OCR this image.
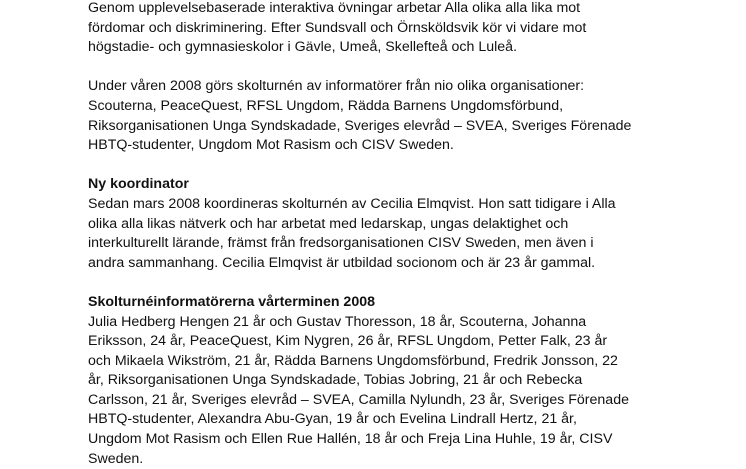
Genom upplevelsebaserade interaktiva övningar arbetar Alla olika alla lika mot
fördomar och diskriminering. Efter Sundsvall och Örnsköldsvik kör vi vidare mot
högstadie- och gymnasieskolor i Gävle, Umeå, Skellefteå och Luleå.
Under våren 2008 görs skolturnén av informatörer från nio olika organisationer:
Scouterna, PeaceQuest, RFSL Ungdom, Rädda Barnens Ungdomsförbund,
Riksorganisationen Unga Syndskadade, Sveriges elevråd – SVEA, Sveriges Förenade
HBTQ-studenter, Ungdom Mot Rasism och CISV Sweden.
Ny koordinator
Sedan mars 2008 koordineras skolturnén av Cecilia Elmqvist. Hon satt tidigare i Alla
olika alla likas nätverk och har arbetat med ledarskap, ungas delaktighet och
interkulturellt lärande, främst från fredsorganisationen CISV Sweden, men även i
andra sammanhang. Cecilia Elmqvist är utbildad socionom och är 23 år gammal.
Skolturnéinformatörerna vårterminen 2008
Julia Hedberg Hengen 21 år och Gustav Thoresson, 18 år, Scouterna, Johanna
Eriksson, 24 år, PeaceQuest, Kim Nygren, 26 år, RFSL Ungdom, Petter Falk, 23 år
och Mikaela Wikström, 21 år, Rädda Barnens Ungdomsförbund, Fredrik Jonsson, 22
år, Riksorganisationen Unga Syndskadade, Tobias Jobring, 21 år och Rebecka
Carlsson, 21 år, Sveriges elevråd – SVEA, Camilla Nylundh, 23 år, Sveriges Förenade
HBTQ-studenter, Alexandra Abu-Gyan, 19 år och Evelina Lindrall Hertz, 21 år,
Ungdom Mot Rasism och Ellen Rue Hallén, 18 år och Freja Lina Huhle, 19 år, CISV
Sweden.
